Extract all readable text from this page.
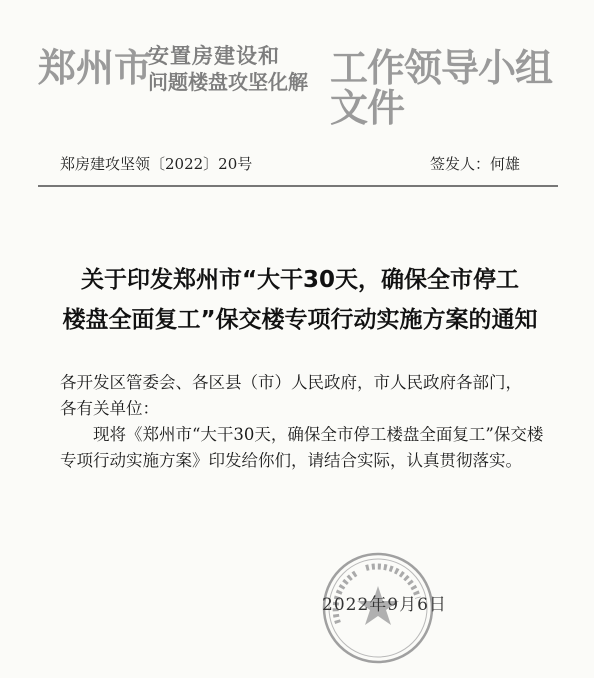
郑州市
安置房建设和
问题楼盘攻坚化解 工作领导小组文件
郑房建攻坚领〔2022〕20号	签发人：何雄
关于印发郑州市“大干30天，确保全市停工
楼盘全面复工”保交楼专项行动实施方案的通知

各开发区管委会、各区县（市）人民政府，市人民政府各部门，

各有关单位：

现将《郑州市“大干30天，确保全市停工楼盘全面复工”保交楼专项行动实施方案》印发给你们，请结合实际，认真贯彻落实。

2022年9月6日
